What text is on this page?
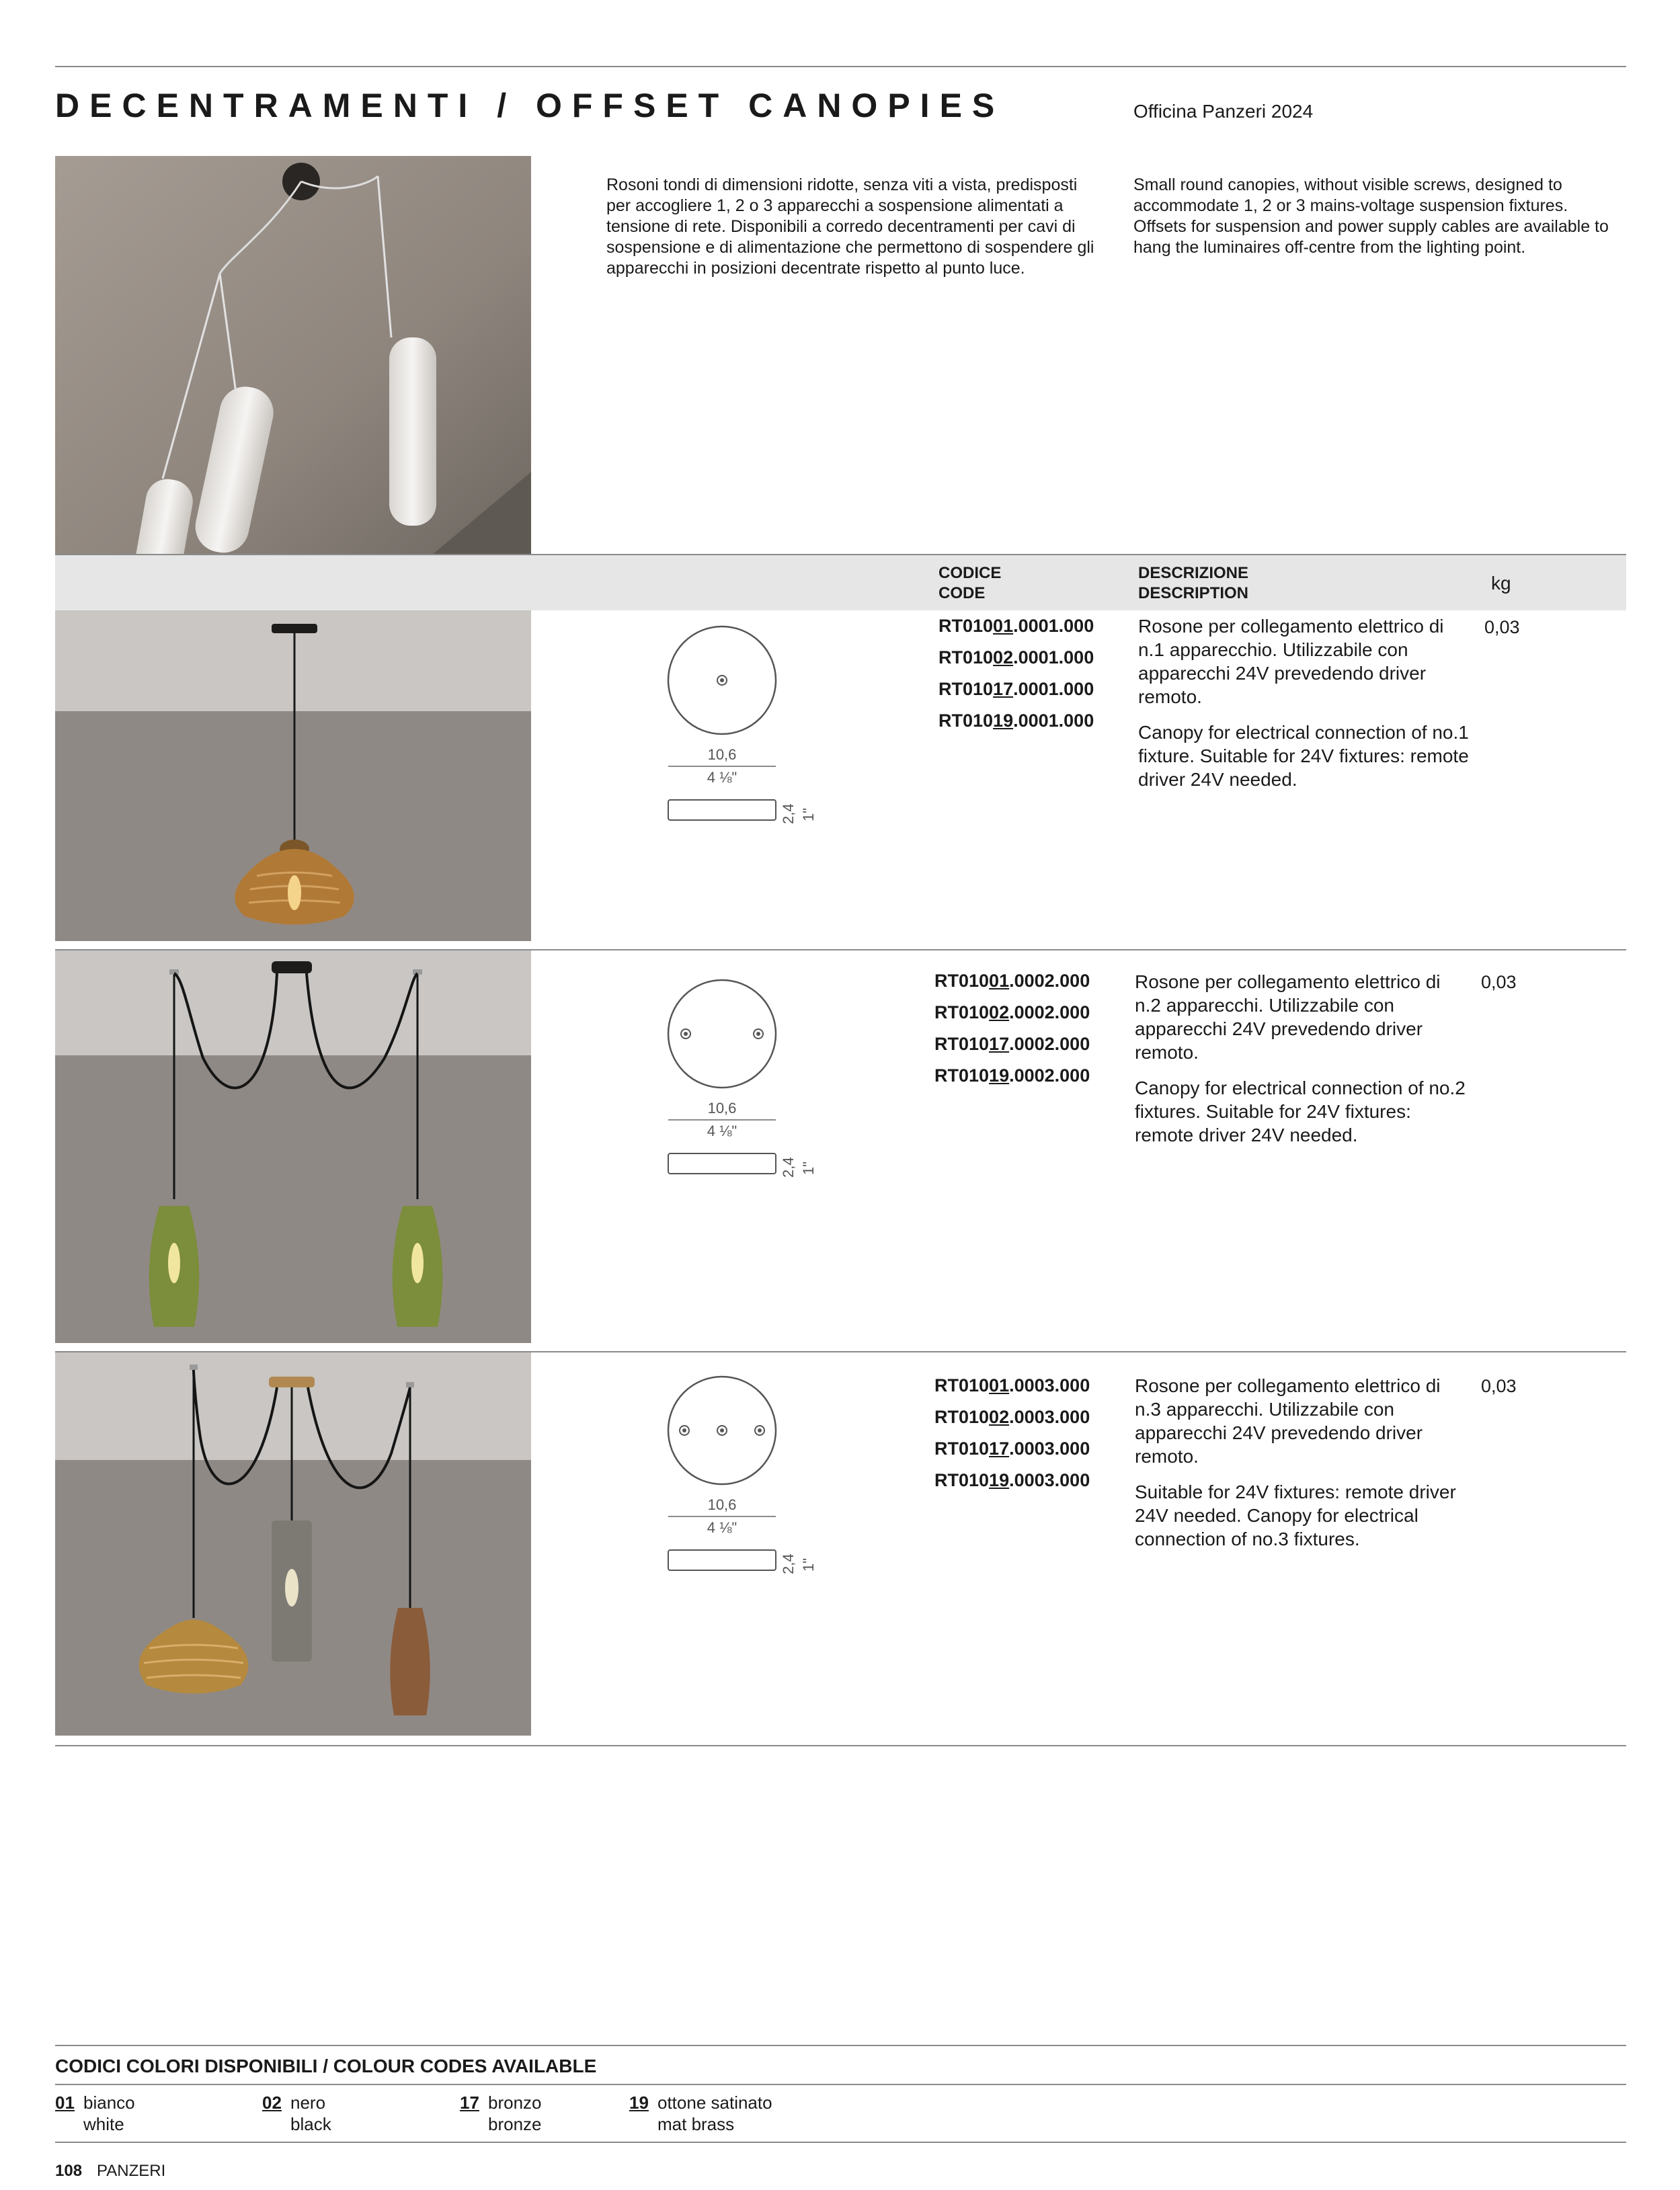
DECENTRAMENTI / OFFSET CANOPIES	Officina Panzeri 2024
Rosoni tondi di dimensioni ridotte, senza viti a vista, predisposti per accogliere 1, 2 o 3 apparecchi a sospensione alimentati a tensione di rete. Disponibili a corredo decentramenti per cavi di sospensione e di alimentazione che permettono di sospendere gli apparecchi in posizioni decentrate rispetto al punto luce.
Small round canopies, without visible screws, designed to accommodate 1, 2 or 3 mains-voltage suspension fixtures. Offsets for suspension and power supply cables are available to hang the luminaires off-centre from the lighting point.
CODICE
CODE
DESCRIZIONE
DESCRIPTION	kg
10,6
4 ⅛"
2,4 1"
RT01001.0001.000
RT01002.0001.000
RT01017.0001.000
RT01019.0001.000

Rosone per collegamento elettrico di n.1 apparecchio. Utilizzabile con apparecchi 24V prevedendo driver remoto.

Canopy for electrical connection of no.1 fixture. Suitable for 24V fixtures: remote driver 24V needed.

0,03
10,6
4 ⅛"
2,4 1"
RT01001.0002.000
RT01002.0002.000
RT01017.0002.000
RT01019.0002.000

Rosone per collegamento elettrico di n.2 apparecchi. Utilizzabile con apparecchi 24V prevedendo driver remoto.

Canopy for electrical connection of no.2 fixtures. Suitable for 24V fixtures: remote driver 24V needed.

0,03
10,6
4 ⅛"
2,4 1"
RT01001.0003.000
RT01002.0003.000
RT01017.0003.000
RT01019.0003.000

Rosone per collegamento elettrico di n.3 apparecchi. Utilizzabile con apparecchi 24V prevedendo driver remoto.

Suitable for 24V fixtures: remote driver 24V needed. Canopy for electrical connection of no.3 fixtures.

0,03
CODICI COLORI DISPONIBILI / COLOUR CODES AVAILABLE
01 bianco
white
02 nero
black
17 bronzo
bronze
19 ottone satinato
mat brass
108 PANZERI
